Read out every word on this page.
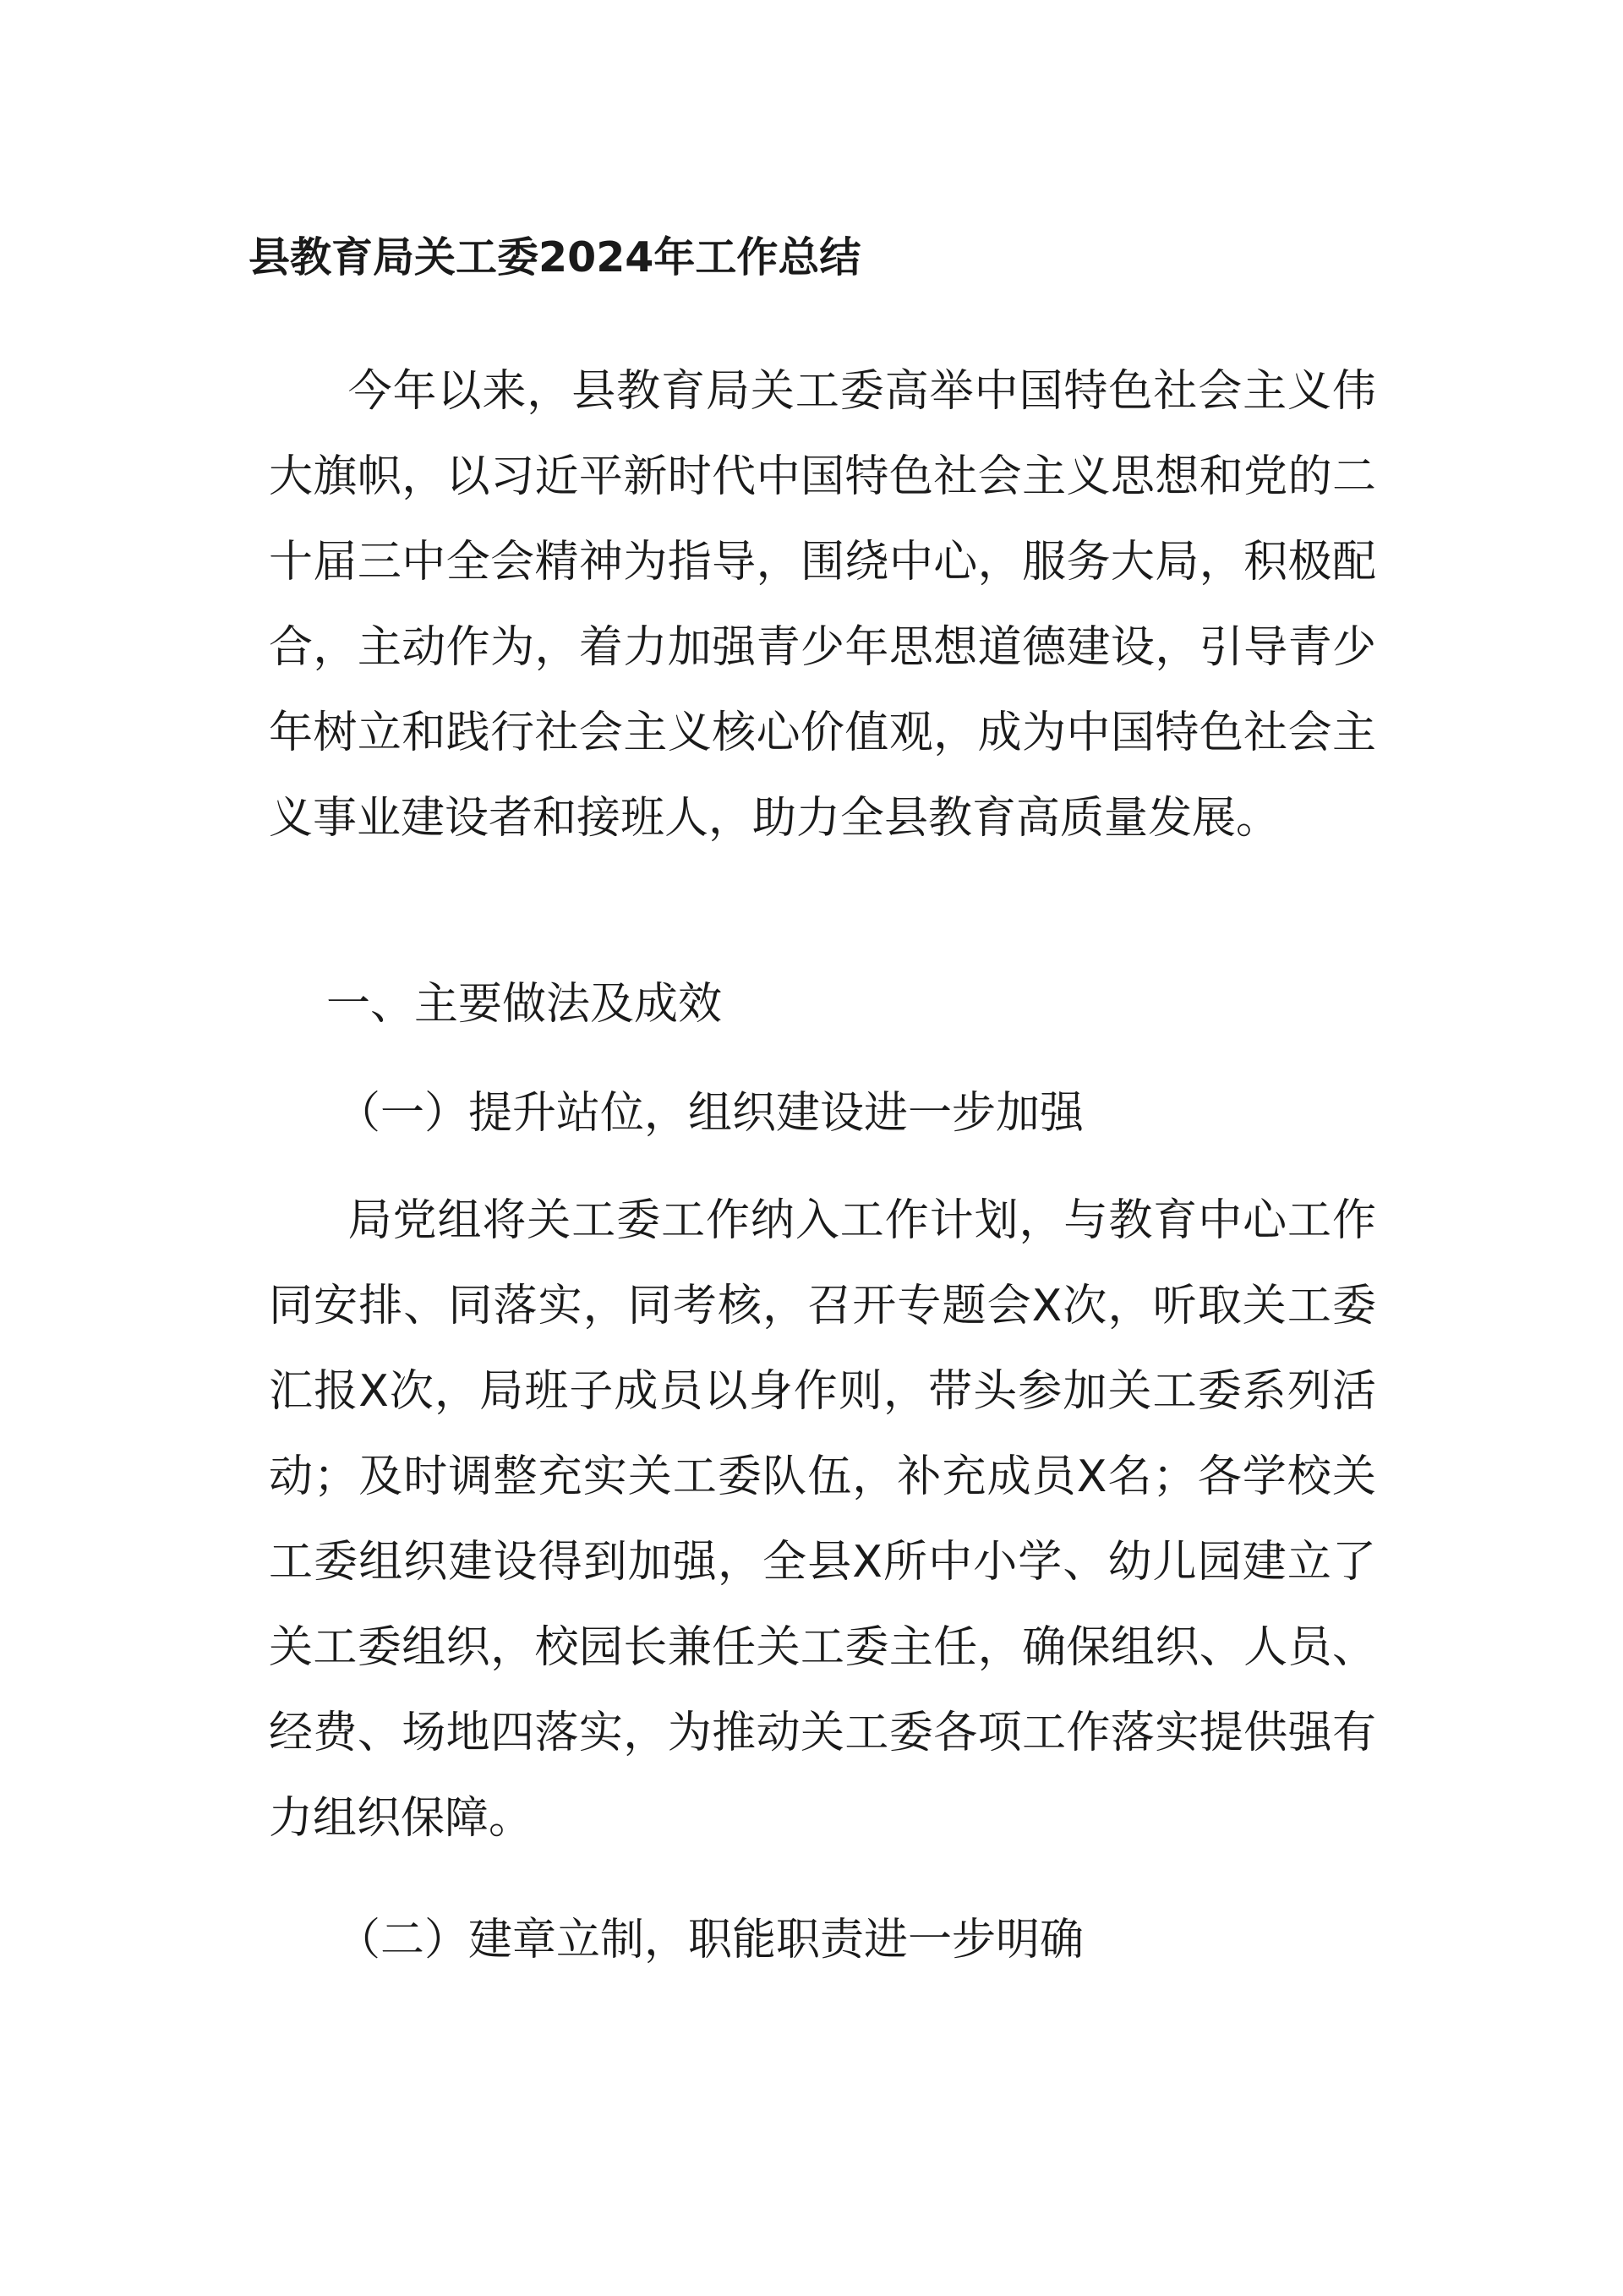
县教育局关工委2024年工作总结

今年以来，县教育局关工委高举中国特色社会主义伟大旗帜，以习近平新时代中国特色社会主义思想和党的二十届三中全会精神为指导，围绕中心，服务大局，积极配合，主动作为，着力加强青少年思想道德建设，引导青少年树立和践行社会主义核心价值观，成为中国特色社会主义事业建设者和接班人，助力全县教育高质量发展。

一、主要做法及成效
（一）提升站位，组织建设进一步加强

局党组将关工委工作纳入工作计划，与教育中心工作同安排、同落实，同考核，召开专题会X次，听取关工委汇报X次，局班子成员以身作则，带头参加关工委系列活动；及时调整充实关工委队伍，补充成员X名；各学校关工委组织建设得到加强，全县X所中小学、幼儿园建立了关工委组织，校园长兼任关工委主任，确保组织、人员、经费、场地四落实，为推动关工委各项工作落实提供强有力组织保障。

（二）建章立制，职能职责进一步明确
